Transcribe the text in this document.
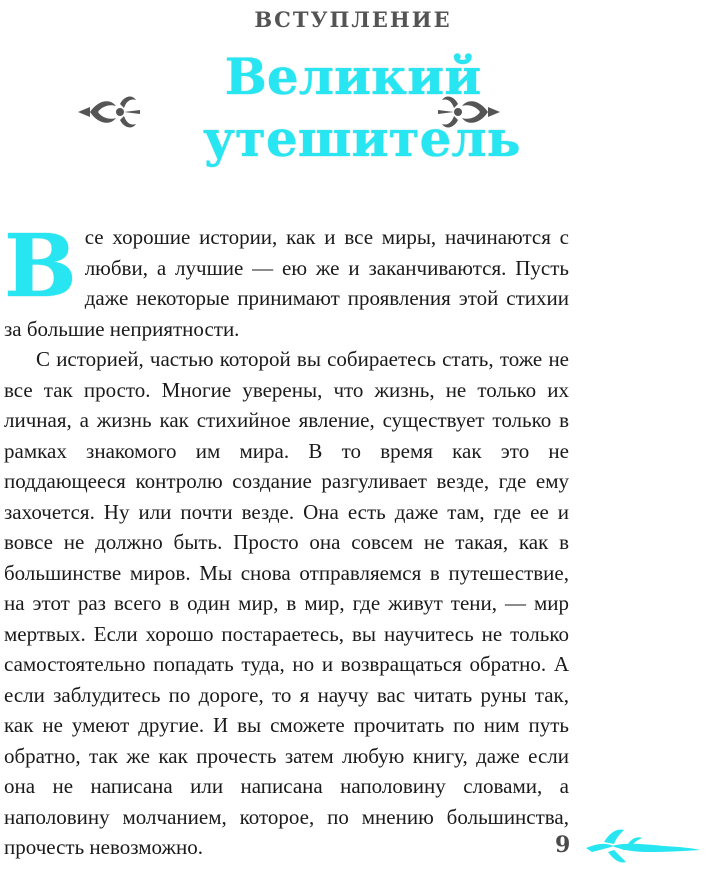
вступление
Великий утешитель

Все хорошие истории, как и все миры, начинаются с любви, а лучшие — ею же и заканчиваются. Пусть даже некоторые принимают проявления этой стихии за большие неприятности.

С историей, частью которой вы собираетесь стать, тоже не все так просто. Многие уверены, что жизнь, не только их личная, а жизнь как стихийное явление, существует только в рамках знакомого им мира. В то время как это не поддающееся контролю создание разгуливает везде, где ему захочется. Ну или почти везде. Она есть даже там, где ее и вовсе не должно быть. Просто она совсем не такая, как в большинстве миров. Мы снова отправляемся в путешествие, на этот раз всего в один мир, в мир, где живут тени, — мир мертвых. Если хорошо постараетесь, вы научитесь не только самостоятельно попадать туда, но и возвращаться обратно. А если заблудитесь по дороге, то я научу вас читать руны так, как не умеют другие. И вы сможете прочитать по ним путь обратно, так же как прочесть затем любую книгу, даже если она не написана или написана наполовину словами, а наполовину молчанием, которое, по мнению большинства, прочесть невозможно.	9
